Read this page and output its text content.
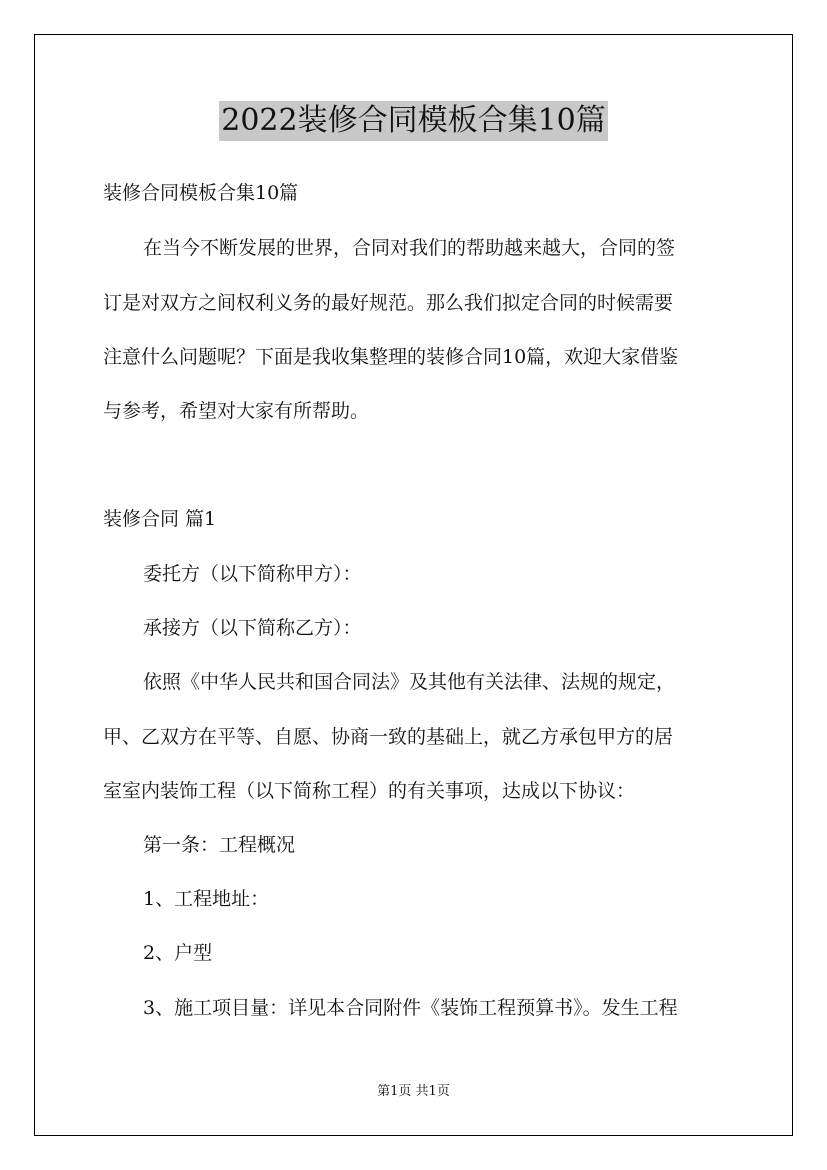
2022装修合同模板合集10篇
装修合同模板合集10篇
在当今不断发展的世界，合同对我们的帮助越来越大，合同的签
订是对双方之间权利义务的最好规范。那么我们拟定合同的时候需要
注意什么问题呢？下面是我收集整理的装修合同10篇，欢迎大家借鉴
与参考，希望对大家有所帮助。
装修合同 篇1
委托方（以下简称甲方）：
承接方（以下简称乙方）：
依照《中华人民共和国合同法》及其他有关法律、法规的规定，
甲、乙双方在平等、自愿、协商一致的基础上，就乙方承包甲方的居
室室内装饰工程（以下简称工程）的有关事项，达成以下协议：
第一条：工程概况
1、工程地址：
2、户型
3、施工项目量：详见本合同附件《装饰工程预算书》。发生工程
第1页 共1页
